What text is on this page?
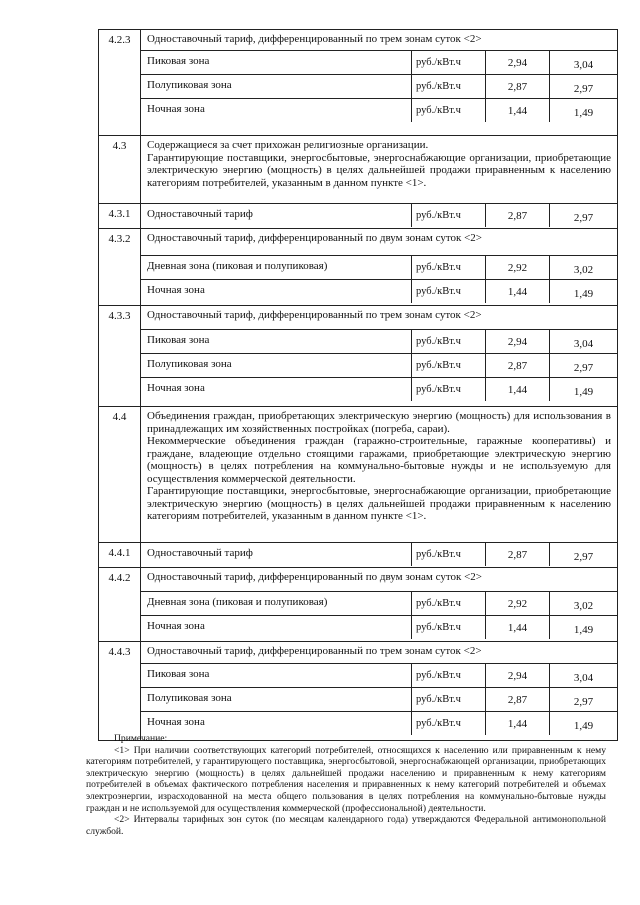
4.2.3	Одноставочный тариф, дифференцированный по трем зонам суток <2>
Пиковая зона	руб./кВт.ч	2,94	3,04
Полупиковая зона	руб./кВт.ч	2,87	2,97
Ночная зона	руб./кВт.ч	1,44	1,49
4.3	Содержащиеся за счет прихожан религиозные организации.
Гарантирующие поставщики, энергосбытовые, энергоснабжающие организации, приобретающие электрическую энергию (мощность) в целях дальнейшей продажи приравненным к населению категориям потребителей, указанным в данном пункте <1>.
4.3.1	Одноставочный тариф	руб./кВт.ч	2,87	2,97
4.3.2	Одноставочный тариф, дифференцированный по двум зонам суток <2>
Дневная зона (пиковая и полупиковая)	руб./кВт.ч	2,92	3,02
Ночная зона	руб./кВт.ч	1,44	1,49
4.3.3	Одноставочный тариф, дифференцированный по трем зонам суток <2>
Пиковая зона	руб./кВт.ч	2,94	3,04
Полупиковая зона	руб./кВт.ч	2,87	2,97
Ночная зона	руб./кВт.ч	1,44	1,49
4.4	Объединения граждан, приобретающих электрическую энергию (мощность) для использования в принадлежащих им хозяйственных постройках (погреба, сараи).
Некоммерческие объединения граждан (гаражно-строительные, гаражные кооперативы) и граждане, владеющие отдельно стоящими гаражами, приобретающие электрическую энергию (мощность) в целях потребления на коммунально-бытовые нужды и не используемую для осуществления коммерческой деятельности.
Гарантирующие поставщики, энергосбытовые, энергоснабжающие организации, приобретающие электрическую энергию (мощность) в целях дальнейшей продажи приравненным к населению категориям потребителей, указанным в данном пункте <1>.
4.4.1	Одноставочный тариф	руб./кВт.ч	2,87	2,97
4.4.2	Одноставочный тариф, дифференцированный по двум зонам суток <2>
Дневная зона (пиковая и полупиковая)	руб./кВт.ч	2,92	3,02
Ночная зона	руб./кВт.ч	1,44	1,49
4.4.3	Одноставочный тариф, дифференцированный по трем зонам суток <2>
Пиковая зона	руб./кВт.ч	2,94	3,04
Полупиковая зона	руб./кВт.ч	2,87	2,97
Ночная зона	руб./кВт.ч	1,44	1,49

Примечание:

<1> При наличии соответствующих категорий потребителей, относящихся к населению или приравненным к нему категориям потребителей, у гарантирующего поставщика, энергосбытовой, энергоснабжающей организации, приобретающих электрическую энергию (мощность) в целях дальнейшей продажи населению и приравненным к нему категориям потребителей в объемах фактического потребления населения и приравненных к нему категорий потребителей и объемах электроэнергии, израсходованной на места общего пользования в целях потребления на коммунально-бытовые нужды граждан и не используемой для осуществления коммерческой (профессиональной) деятельности.

<2> Интервалы тарифных зон суток (по месяцам календарного года) утверждаются Федеральной антимонопольной службой.
